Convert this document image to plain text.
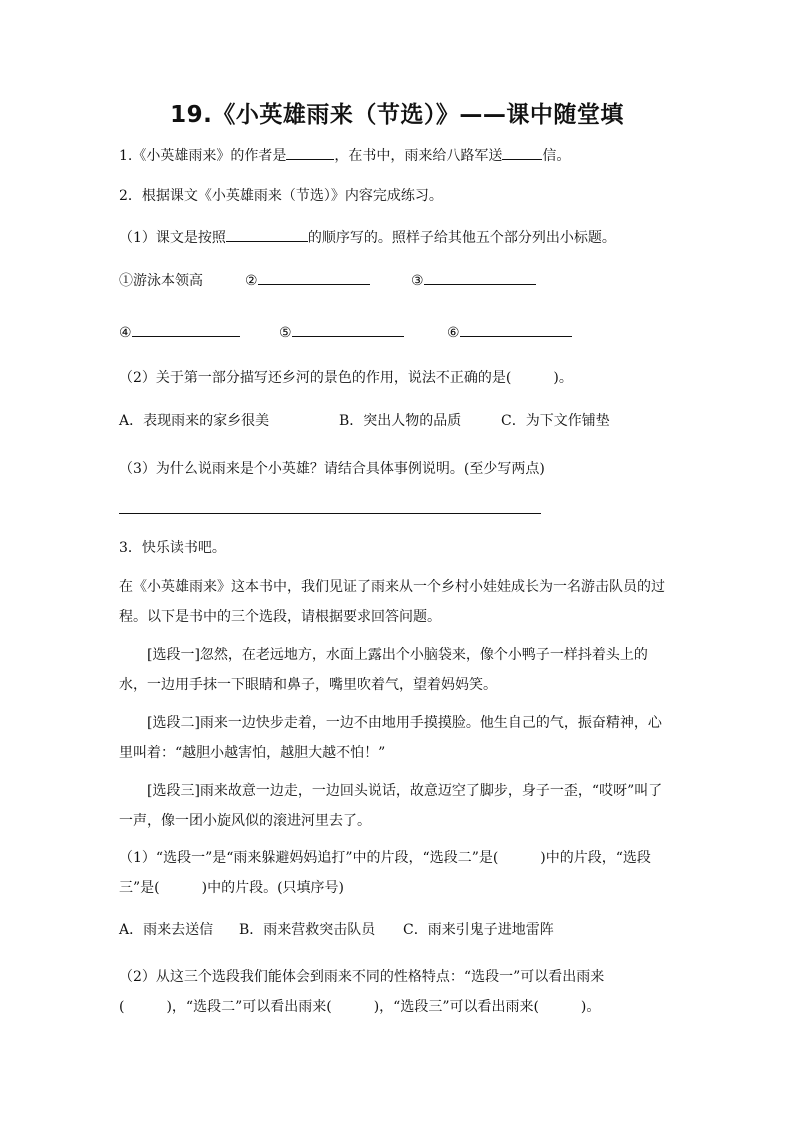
19.《小英雄雨来（节选）》——课中随堂填
1.《小英雄雨来》的作者是	，在书中，雨来给八路军送	信。
2．根据课文《小英雄雨来（节选）》内容完成练习。
（1）课文是按照	的顺序写的。照样子给其他五个部分列出小标题。
①游泳本领高	②	③
④	⑤	⑥
（2）关于第一部分描写还乡河的景色的作用，说法不正确的是(　　　)。
A．表现雨来的家乡很美	B．突出人物的品质	C．为下文作铺垫
（3）为什么说雨来是个小英雄？请结合具体事例说明。(至少写两点)
3．快乐读书吧。
在《小英雄雨来》这本书中，我们见证了雨来从一个乡村小娃娃成长为一名游击队员的过程。以下是书中的三个选段，请根据要求回答问题。
[选段一]忽然，在老远地方，水面上露出个小脑袋来，像个小鸭子一样抖着头上的水，一边用手抹一下眼睛和鼻子，嘴里吹着气，望着妈妈笑。
[选段二]雨来一边快步走着，一边不由地用手摸摸脸。他生自己的气，振奋精神，心里叫着：“越胆小越害怕，越胆大越不怕！”
[选段三]雨来故意一边走，一边回头说话，故意迈空了脚步，身子一歪，“哎呀”叫了一声，像一团小旋风似的滚进河里去了。
（1）“选段一”是“雨来躲避妈妈追打”中的片段，“选段二”是(　　　)中的片段，“选段三”是(　　　)中的片段。(只填序号)
A．雨来去送信 B．雨来营救突击队员 C．雨来引鬼子进地雷阵
（2）从这三个选段我们能体会到雨来不同的性格特点：“选段一”可以看出雨来(　　　)，“选段二”可以看出雨来(　　　)，“选段三”可以看出雨来(　　　)。
